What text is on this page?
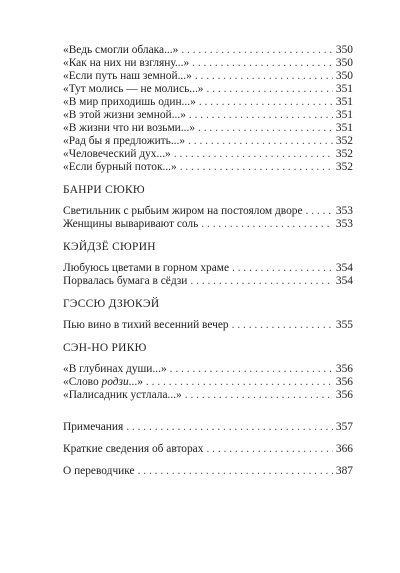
«Ведь смогли облака...» . . .	350
«Как на них ни взгляну...» . . .	350
«Если путь наш земной...» . . .	350
«Тут молись — не молись...» . . .	351
«В мир приходишь один...» . . .	351
«В этой жизни земной...» . . .	351
«В жизни что ни возьми...» . . .	351
«Рад бы я предложить...» . . .	352
«Человеческий дух...» . . .	352
«Если бурный поток...» . . .	352
БАНРИ СЮКЮ
Светильник с рыбьим жиром на постоялом дворе . . .	353
Женщины вываривают соль . . .	353
КЭЙДЗЁ СЮРИН
Любуюсь цветами в горном храме . . .	354
Порвалась бумага в сёдзи . . .	354
ГЭССЮ ДЗЮКЭЙ
Пью вино в тихий весенний вечер . . .	355
СЭН-НО РИКЮ
«В глубинах души...» . . .	356
«Слово родзи...» . . .	356
«Палисадник устлала...» . . .	356
Примечания . . .	357
Краткие сведения об авторах . . .	366
О переводчике . . .	387
